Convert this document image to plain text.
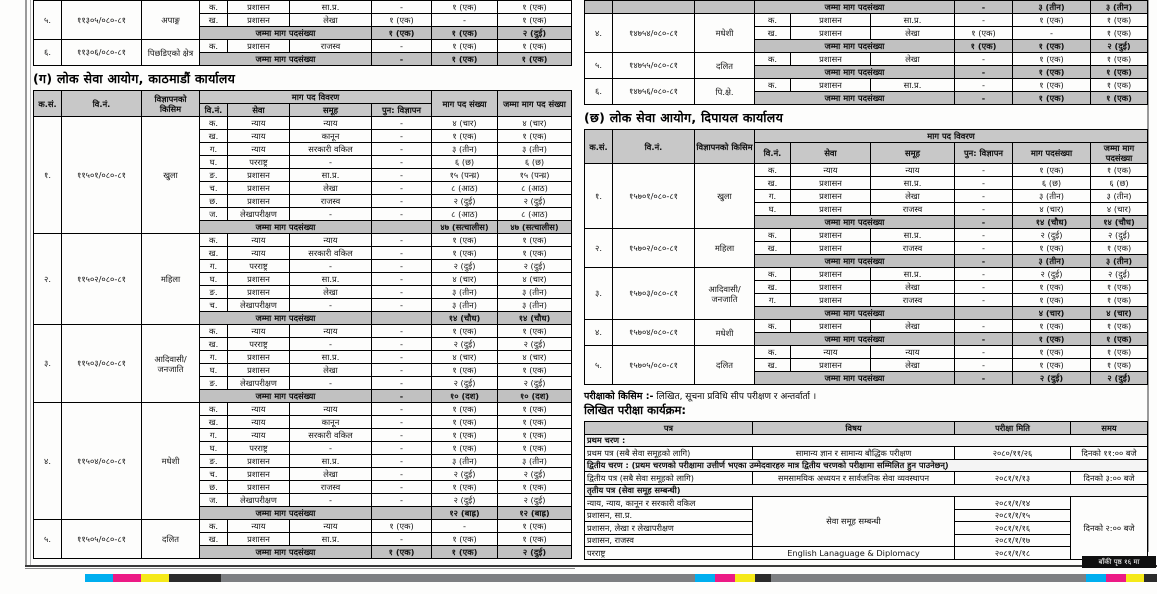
५.	११३०५/०८०-८१	अपाङ्ग	क.	प्रशासन	सा.प्र.	-	१ (एक)	१ (एक)
			ख.	प्रशासन	लेखा	१ (एक)	-	१ (एक)
			जम्मा माग पदसंख्या			१ (एक)	१ (एक)	२ (दुई)
६.	११३०६/०८०-८१	पिछडिएको क्षेत्र	क.	प्रशासन	राजस्व	-	१ (एक)	१ (एक)
			जम्मा माग पदसंख्या			-	१ (एक)	१ (एक)
(ग) लोक सेवा आयोग, काठमाडौं कार्यालय
क.सं.	वि.नं.	विज्ञापनको किसिम	माग पद विवरण				माग पद संख्या	जम्मा माग पद संख्या
			वि.नं.	सेवा	समूह	पुन: विज्ञापन		
१.	११५०१/०८०-८१	खुला	क.	न्याय	न्याय	-	४ (चार)	४ (चार)
			ख.	न्याय	कानून	-	१ (एक)	१ (एक)
			ग.	न्याय	सरकारी वकिल	-	३ (तीन)	३ (तीन)
			घ.	परराष्ट्र	-	-	६ (छ)	६ (छ)
			ङ.	प्रशासन	सा.प्र.	-	१५ (पन्ध्र)	१५ (पन्ध्र)
			च.	प्रशासन	लेखा	-	८ (आठ)	८ (आठ)
			छ.	प्रशासन	राजस्व	-	२ (दुई)	२ (दुई)
			ज.	लेखापरीक्षण	-	-	८ (आठ)	८ (आठ)
			जम्मा माग पदसंख्या				४७ (सत्चालीस)	४७ (सत्चालीस)
२.	११५०२/०८०-८१	महिला	क.	न्याय	न्याय	-	१ (एक)	१ (एक)
			ख.	न्याय	सरकारी वकिल	-	१ (एक)	१ (एक)
			ग.	परराष्ट्र	-	-	२ (दुई)	२ (दुई)
			घ.	प्रशासन	सा.प्र.	-	४ (चार)	४ (चार)
			ङ.	प्रशासन	लेखा	-	३ (तीन)	३ (तीन)
			च.	लेखापरीक्षण	-	-	३ (तीन)	३ (तीन)
			जम्मा माग पदसंख्या				१४ (चौध)	१४ (चौध)
३.	११५०३/०८०-८१	आदिवासी/ जनजाति	क.	न्याय	न्याय	-	१ (एक)	१ (एक)
			ख.	परराष्ट्र	-	-	२ (दुई)	२ (दुई)
			ग.	प्रशासन	सा.प्र.	-	४ (चार)	४ (चार)
			घ.	प्रशासन	लेखा	-	१ (एक)	१ (एक)
			ङ.	लेखापरीक्षण	-	-	२ (दुई)	२ (दुई)
			जम्मा माग पदसंख्या			-	१० (दश)	१० (दश)
४.	११५०४/०८०-८१	मधेशी	क.	न्याय	न्याय	-	१ (एक)	१ (एक)
			ख.	न्याय	कानून	-	१ (एक)	१ (एक)
			ग.	न्याय	सरकारी वकिल	-	१ (एक)	१ (एक)
			घ.	परराष्ट्र	-	-	१ (एक)	१ (एक)
			ङ.	प्रशासन	सा.प्र.	-	३ (तीन)	३ (तीन)
			च.	प्रशासन	लेखा	-	२ (दुई)	२ (दुई)
			छ.	प्रशासन	राजस्व	-	१ (एक)	१ (एक)
			ज.	लेखापरीक्षण	-	-	२ (दुई)	२ (दुई)
			जम्मा माग पदसंख्या				१२ (बाह्र)	१२ (बाह्र)
५.	११५०५/०८०-८१	दलित	क.	न्याय	न्याय	१ (एक)	-	१ (एक)
			ख.	प्रशासन	सा.प्र.	-	१ (एक)	१ (एक)
			जम्मा माग पदसंख्या			१ (एक)	१ (एक)	२ (दुई)
			जम्मा माग पदसंख्या			-	३ (तीन)	३ (तीन)
४.	१४७५४/०८०-८१	मधेशी	क.	प्रशासन	सा.प्र.	-	१ (एक)	१ (एक)
			ख.	प्रशासन	लेखा	१ (एक)	-	१ (एक)
			जम्मा माग पदसंख्या			१ (एक)	१ (एक)	२ (दुई)
५.	१४७५५/०८०-८१	दलित	क.	प्रशासन	लेखा	-	१ (एक)	१ (एक)
			जम्मा माग पदसंख्या			-	१ (एक)	१ (एक)
६.	१४७५६/०८०-८१	पि.क्षे.	क.	प्रशासन	सा.प्र.	-	१ (एक)	१ (एक)
			जम्मा माग पदसंख्या			-	१ (एक)	१ (एक)
(छ) लोक सेवा आयोग, दिपायल कार्यालय
क.सं.	वि.नं.	विज्ञापनको किसिम	माग पद विवरण					
			वि.नं.	सेवा	समूह	पुन: विज्ञापन	माग पदसंख्या	जम्मा माग पदसंख्या
१.	१५७०१/०८०-८१	खुला	क.	न्याय	न्याय	-	१ (एक)	१ (एक)
			ख.	प्रशासन	सा.प्र.	-	६ (छ)	६ (छ)
			ग.	प्रशासन	लेखा	-	३ (तीन)	३ (तीन)
			घ.	प्रशासन	राजस्व	-	४ (चार)	४ (चार)
			जम्मा माग पदसंख्या			-	१४ (चौध)	१४ (चौध)
२.	१५७०२/०८०-८१	महिला	क.	प्रशासन	सा.प्र.	-	२ (दुई)	२ (दुई)
			ख.	प्रशासन	राजस्व	-	१ (एक)	१ (एक)
			जम्मा माग पदसंख्या			-	३ (तीन)	३ (तीन)
३.	१५७०३/०८०-८१	आदिवासी/ जनजाति	क.	प्रशासन	सा.प्र.	-	२ (दुई)	२ (दुई)
			ख.	प्रशासन	लेखा	-	१ (एक)	१ (एक)
			ग.	प्रशासन	राजस्व	-	१ (एक)	१ (एक)
			जम्मा माग पदसंख्या				४ (चार)	४ (चार)
४.	१५७०४/०८०-८१	मधेशी	क.	प्रशासन	लेखा	-	१ (एक)	१ (एक)
			जम्मा माग पदसंख्या			-	१ (एक)	१ (एक)
५.	१५७०५/०८०-८१	दलित	क.	न्याय	न्याय	-	१ (एक)	१ (एक)
			ख.	प्रशासन	लेखा	-	१ (एक)	१ (एक)
			जम्मा माग पदसंख्या			-	२ (दुई)	२ (दुई)
परीक्षाको किसिम :- लिखित, सूचना प्रविधि सीप परीक्षण र अन्तर्वार्ता ।
लिखित परीक्षा कार्यक्रम:
पत्र	विषय	परीक्षा मिति	समय
प्रथम चरण :			
प्रथम पत्र (सबै सेवा समूहको लागि)	सामान्य ज्ञान र सामान्य बौद्धिक परीक्षण	२०८०/११/२६	दिनको ११:०० बजे
द्वितीय चरण : (प्रथम चरणको परीक्षामा उत्तीर्ण भएका उम्मेदवारहरु मात्र द्वितीय चरणको परीक्षामा सम्मिलित हुन पाउनेछन्)			
द्वितीय पत्र (सबै सेवा समूहको लागि)	समसामयिक अध्ययन र सार्वजनिक सेवा व्यवस्थापन	२०८१/१/१३	दिनको ३:०० बजे
तृतीय पत्र (सेवा समूह सम्बन्धी)			
न्याय, न्याय, कानून र सरकारी वकिल	सेवा समूह सम्बन्धी	२०८१/१/१४	दिनको २:०० बजे
प्रशासन, सा.प्र.		२०८१/१/१५	
प्रशासन, लेखा र लेखापरीक्षण		२०८१/१/१६	
प्रशासन, राजस्व		२०८१/१/१७	
परराष्ट्र	English Lanaguage & Diplomacy	२०८१/१/१८	
बाँकी पृष्ठ १६ मा
